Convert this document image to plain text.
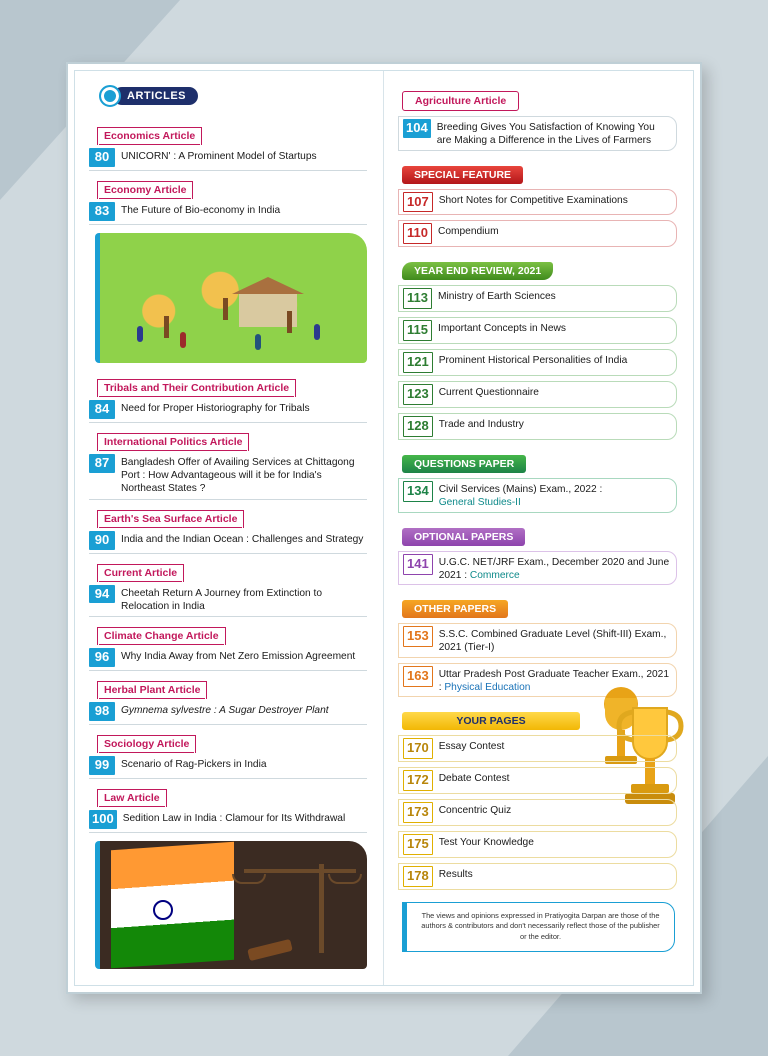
ARTICLES
Economics Article
80	UNICORN' : A Prominent Model of Startups
Economy Article
83	The Future of Bio-economy in India
Tribals and Their Contribution Article
84	Need for Proper Historiography for Tribals
International Politics Article
87	Bangladesh Offer of Availing Services at Chittagong Port : How Advantageous will it be for India's Northeast States ?
Earth's Sea Surface Article
90	India and the Indian Ocean : Challenges and Strategy
Current Article
94	Cheetah Return A Journey from Extinction to Relocation in India
Climate Change Article
96	Why India Away from Net Zero Emission Agreement
Herbal Plant Article
98	Gymnema sylvestre : A Sugar Destroyer Plant
Sociology Article
99	Scenario of Rag-Pickers in India
Law Article
100 Sedition Law in India : Clamour for Its Withdrawal
Agriculture Article
104 Breeding Gives You Satisfaction of Knowing You are Making a Difference in the Lives of Farmers
SPECIAL FEATURE
107 Short Notes for Competitive Examinations
110 Compendium
YEAR END REVIEW, 2021
113 Ministry of Earth Sciences
115 Important Concepts in News
121 Prominent Historical Personalities of India
123 Current Questionnaire
128 Trade and Industry
QUESTIONS PAPER
134 Civil Services (Mains) Exam., 2022 :
General Studies-II
OPTIONAL PAPERS
141 U.G.C. NET/JRF Exam., December 2020 and June 2021 : Commerce
OTHER PAPERS
153 S.S.C. Combined Graduate Level (Shift-III) Exam., 2021 (Tier-I)
163 Uttar Pradesh Post Graduate Teacher Exam., 2021 : Physical Education
YOUR PAGES
170 Essay Contest
172 Debate Contest
173 Concentric Quiz
175 Test Your Knowledge
178 Results
The views and opinions expressed in Pratiyogita Darpan are those of the authors & contributors and don't necessarily reflect those of the publisher or the editor.
